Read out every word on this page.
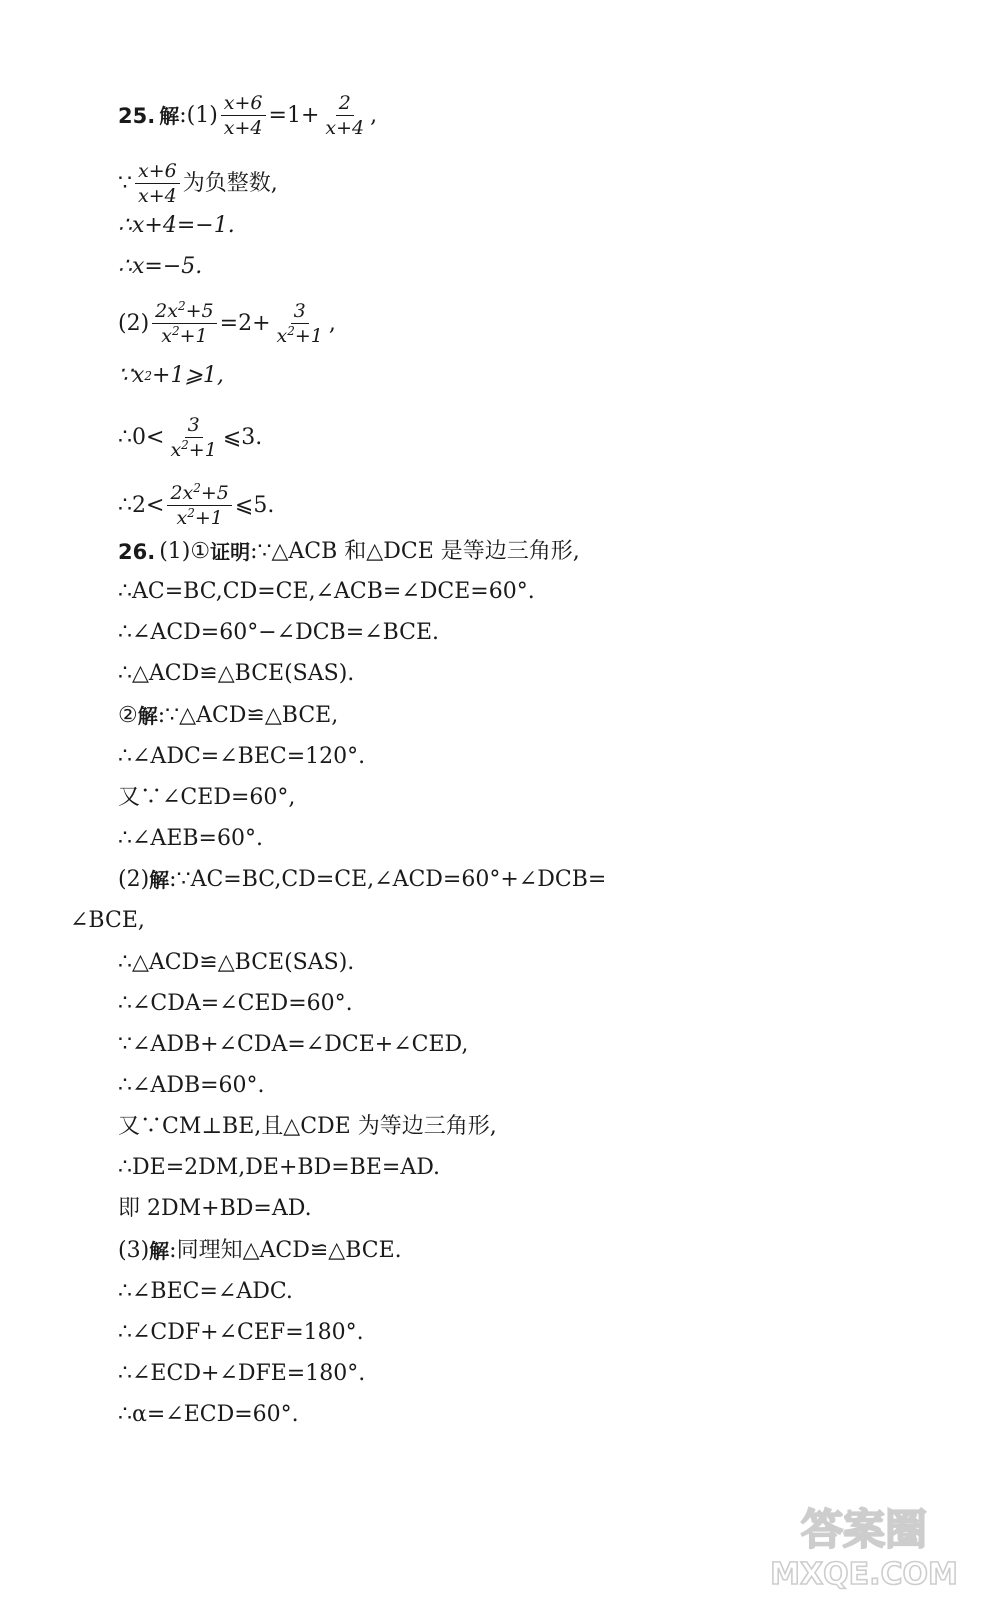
25. 解 : $(1) \frac{x+6}{x+4} =1+ \frac{2}{x+4}$ ,
∵ $\frac{x+6}{x+4}$ 为负整数,
∴x+4=−1.
∴x=−5.
$(2) \frac{2x^2+5}{x^2+1} =2+ \frac{3}{x^2+1}$ ,
∵x 2 +1⩾1,
∴0< $\frac{3}{x^2+1}$ ⩽3.
∴2< $\frac{2x^2+5}{x^2+1}$ ⩽5.
26. (1)① 证明 :∵△ACB 和△DCE 是等边三角形,
∴AC=BC,CD=CE,∠ACB=∠DCE=60°.
∴∠ACD=60°−∠DCB=∠BCE.
∴△ACD≌△BCE(SAS).
② 解 :∵△ACD≌△BCE,
∴∠ADC=∠BEC=120°.
又∵∠CED=60°,
∴∠AEB=60°.
(2) 解 :∵AC=BC,CD=CE,∠ACD=60°+∠DCB=
∠BCE,
∴△ACD≌△BCE(SAS).
∴∠CDA=∠CED=60°.
∵∠ADB+∠CDA=∠DCE+∠CED,
∴∠ADB=60°.
又∵CM⊥BE,且△CDE 为等边三角形,
∴DE=2DM,DE+BD=BE=AD.
即 2DM+BD=AD.
(3) 解 :同理知△ACD≌△BCE.
∴∠BEC=∠ADC.
∴∠CDF+∠CEF=180°.
∴∠ECD+∠DFE=180°.
∴α=∠ECD=60°.
答案圈
MXQE.COM
